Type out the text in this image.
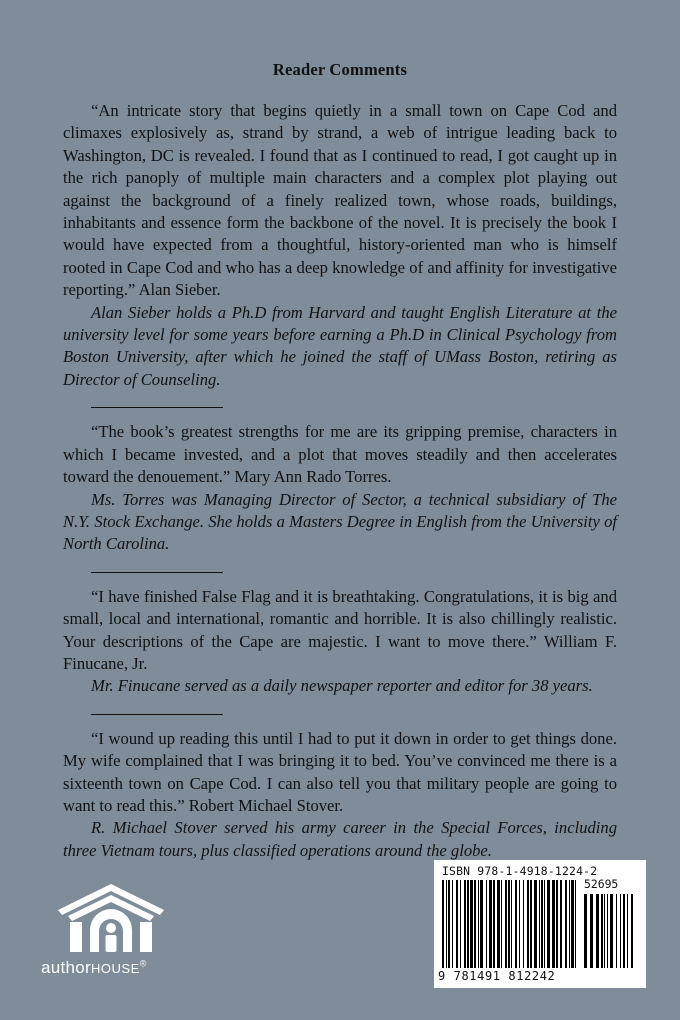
Reader Comments

“An intricate story that begins quietly in a small town on Cape Cod and climaxes explosively as, strand by strand, a web of intrigue leading back to Washington, DC is revealed. I found that as I continued to read, I got caught up in the rich panoply of multiple main characters and a complex plot playing out against the background of a finely realized town, whose roads, buildings, inhabitants and essence form the backbone of the novel. It is precisely the book I would have expected from a thoughtful, history-oriented man who is himself rooted in Cape Cod and who has a deep knowledge of and affinity for investigative reporting.” Alan Sieber.

Alan Sieber holds a Ph.D from Harvard and taught English Literature at the university level for some years before earning a Ph.D in Clinical Psychology from Boston University, after which he joined the staff of UMass Boston, retiring as Director of Counseling.

“The book’s greatest strengths for me are its gripping premise, characters in which I became invested, and a plot that moves steadily and then accelerates toward the denouement.” Mary Ann Rado Torres.

Ms. Torres was Managing Director of Sector, a technical subsidiary of The N.Y. Stock Exchange. She holds a Masters Degree in English from the University of North Carolina.

“I have finished False Flag and it is breathtaking. Congratulations, it is big and small, local and international, romantic and horrible. It is also chillingly realistic. Your descriptions of the Cape are majestic. I want to move there.” William F. Finucane, Jr.

Mr. Finucane served as a daily newspaper reporter and editor for 38 years.

“I wound up reading this until I had to put it down in order to get things done. My wife complained that I was bringing it to bed. You’ve convinced me there is a sixteenth town on Cape Cod. I can also tell you that military people are going to want to read this.” Robert Michael Stover.

R. Michael Stover served his army career in the Special Forces, including three Vietnam tours, plus classified operations around the globe.

ISBN 978-1-4918-1224-2
52695
9 781491 812242
authorHOUSE®
